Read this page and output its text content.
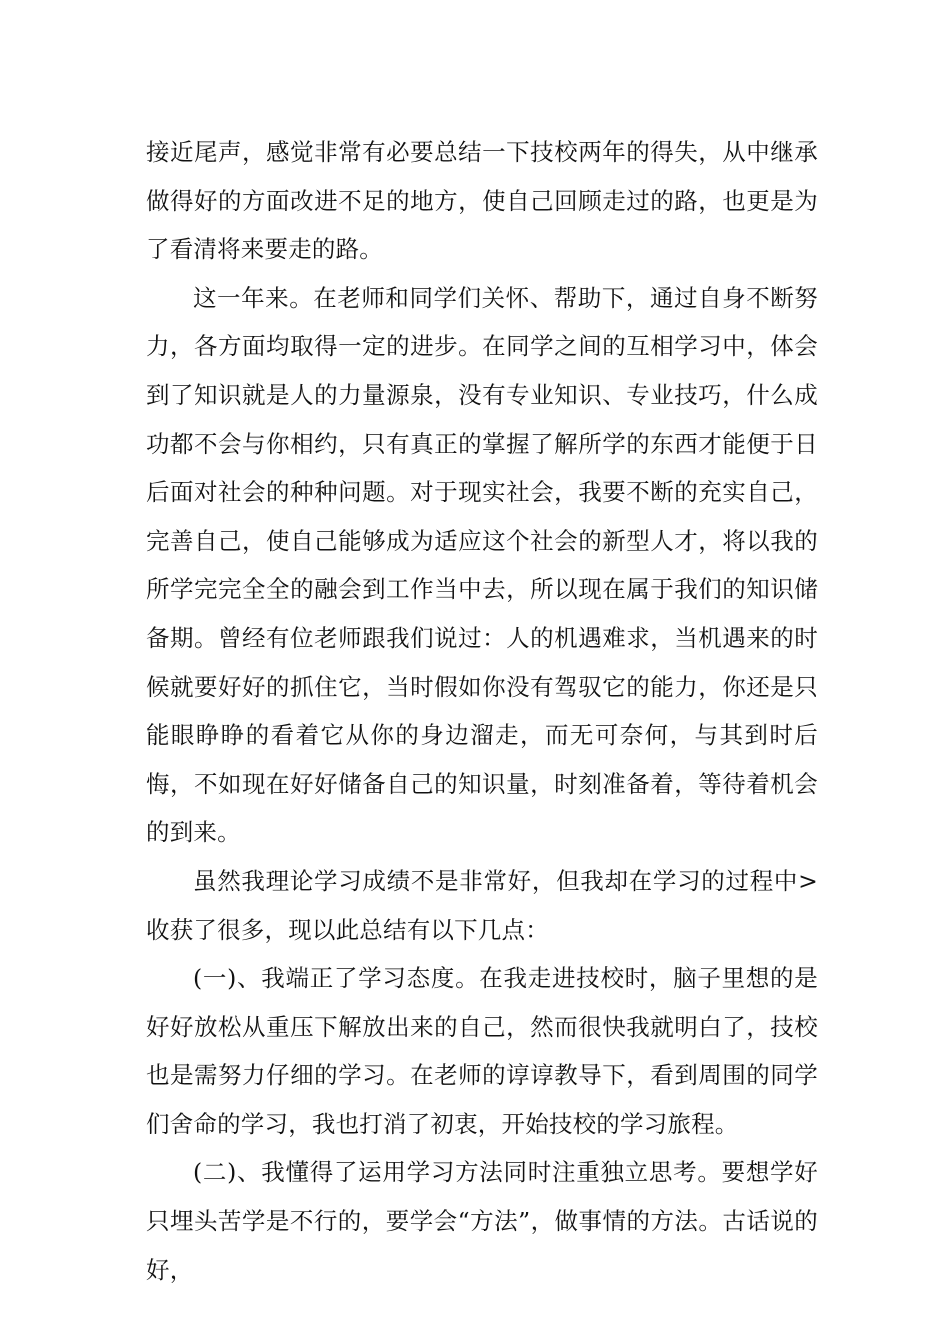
接近尾声，感觉非常有必要总结一下技校两年的得失，从中继承做得好的方面改进不足的地方，使自己回顾走过的路，也更是为了看清将来要走的路。

这一年来。在老师和同学们关怀、帮助下，通过自身不断努力，各方面均取得一定的进步。在同学之间的互相学习中，体会到了知识就是人的力量源泉，没有专业知识、专业技巧，什么成功都不会与你相约，只有真正的掌握了解所学的东西才能便于日后面对社会的种种问题。对于现实社会，我要不断的充实自己，完善自己，使自己能够成为适应这个社会的新型人才，将以我的所学完完全全的融会到工作当中去，所以现在属于我们的知识储备期。曾经有位老师跟我们说过：人的机遇难求，当机遇来的时候就要好好的抓住它，当时假如你没有驾驭它的能力，你还是只能眼睁睁的看着它从你的身边溜走，而无可奈何，与其到时后悔，不如现在好好储备自己的知识量，时刻准备着，等待着机会的到来。

虽然我理论学习成绩不是非常好，但我却在学习的过程中>收获了很多，现以此总结有以下几点：

(一)、我端正了学习态度。在我走进技校时，脑子里想的是好好放松从重压下解放出来的自己，然而很快我就明白了，技校也是需努力仔细的学习。在老师的谆谆教导下，看到周围的同学们舍命的学习，我也打消了初衷，开始技校的学习旅程。

(二)、我懂得了运用学习方法同时注重独立思考。要想学好只埋头苦学是不行的，要学会“方法”，做事情的方法。古话说的好，
